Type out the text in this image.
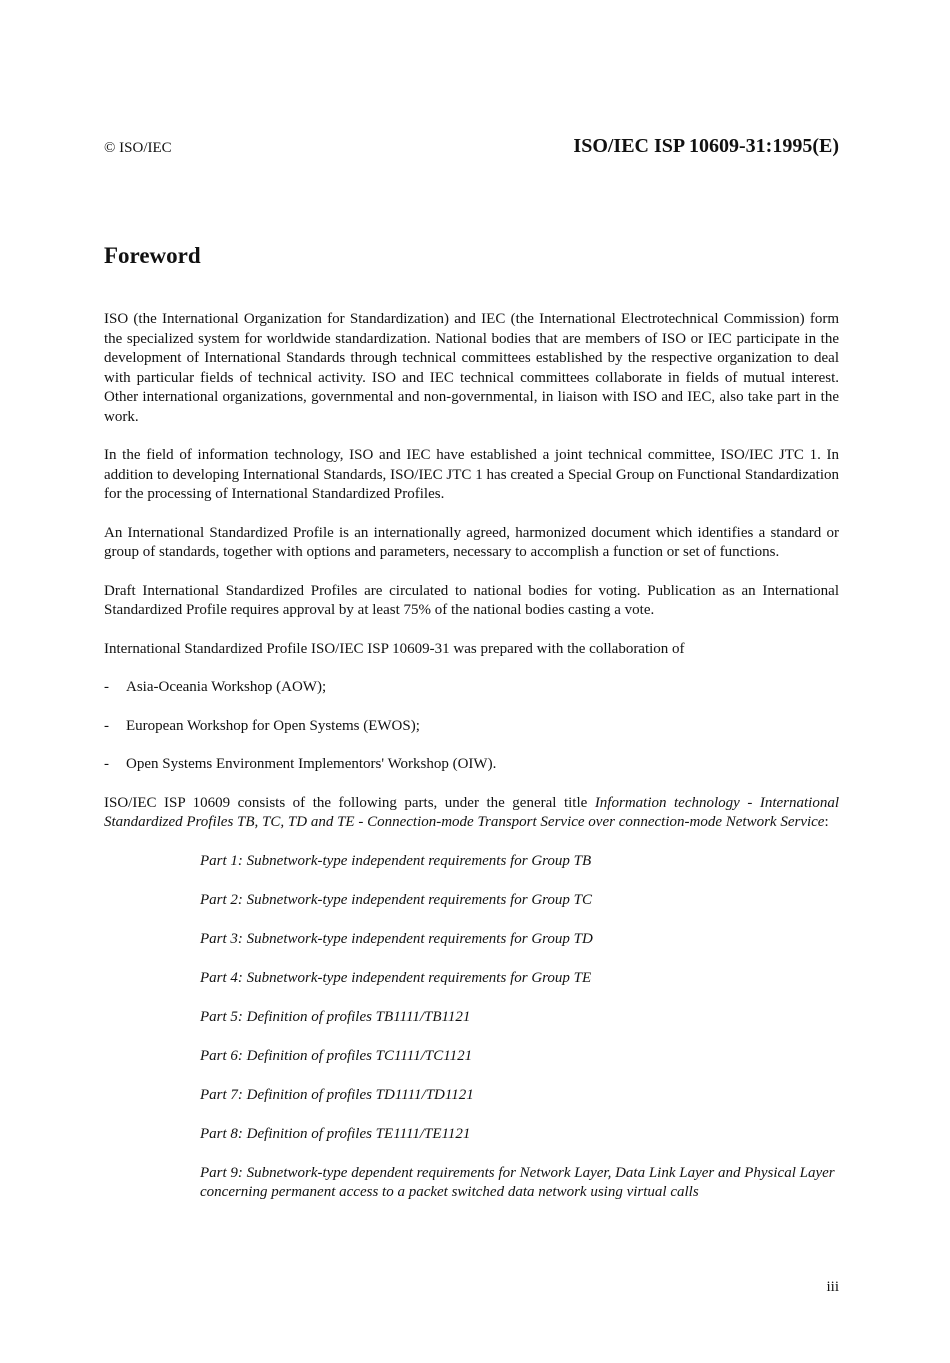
© ISO/IEC	ISO/IEC ISP 10609-31:1995(E)
Foreword

ISO (the International Organization for Standardization) and IEC (the International Electrotechnical Commission) form the specialized system for worldwide standardization. National bodies that are members of ISO or IEC participate in the development of International Standards through technical committees established by the respective organization to deal with particular fields of technical activity. ISO and IEC technical committees collaborate in fields of mutual interest. Other international organizations, governmental and non-governmental, in liaison with ISO and IEC, also take part in the work.

In the field of information technology, ISO and IEC have established a joint technical committee, ISO/IEC JTC 1. In addition to developing International Standards, ISO/IEC JTC 1 has created a Special Group on Functional Standardization for the processing of International Standardized Profiles.

An International Standardized Profile is an internationally agreed, harmonized document which identifies a standard or group of standards, together with options and parameters, necessary to accomplish a function or set of functions.

Draft International Standardized Profiles are circulated to national bodies for voting. Publication as an International Standardized Profile requires approval by at least 75% of the national bodies casting a vote.

International Standardized Profile ISO/IEC ISP 10609-31 was prepared with the collaboration of

- Asia-Oceania Workshop (AOW);
- European Workshop for Open Systems (EWOS);
- Open Systems Environment Implementors' Workshop (OIW).

ISO/IEC ISP 10609 consists of the following parts, under the general title Information technology - International Standardized Profiles TB, TC, TD and TE - Connection-mode Transport Service over connection-mode Network Service:

Part 1: Subnetwork-type independent requirements for Group TB
Part 2: Subnetwork-type independent requirements for Group TC
Part 3: Subnetwork-type independent requirements for Group TD
Part 4: Subnetwork-type independent requirements for Group TE
Part 5: Definition of profiles TB1111/TB1121
Part 6: Definition of profiles TC1111/TC1121
Part 7: Definition of profiles TD1111/TD1121
Part 8: Definition of profiles TE1111/TE1121
Part 9: Subnetwork-type dependent requirements for Network Layer, Data Link Layer and Physical Layer concerning permanent access to a packet switched data network using virtual calls
iii
